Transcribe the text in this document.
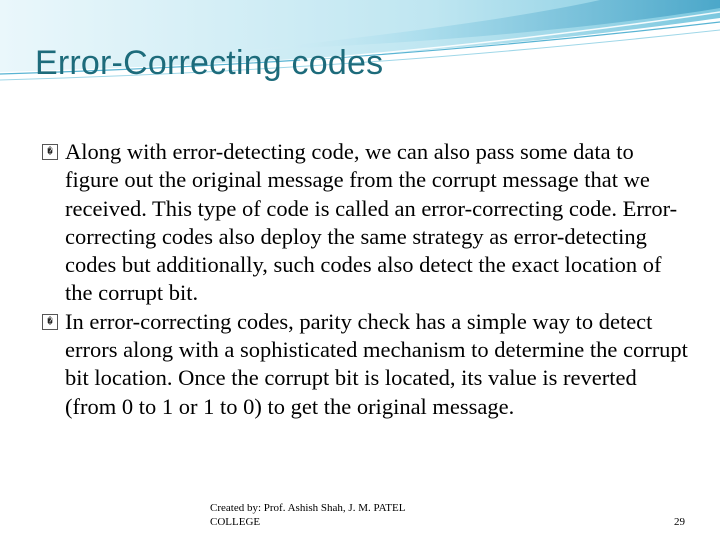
Error-Correcting codes
� Along with error-detecting code, we can also pass some data to figure out the original message from the corrupt message that we received. This type of code is called an error-correcting code. Error-correcting codes also deploy the same strategy as error-detecting codes but additionally, such codes also detect the exact location of the corrupt bit.
� In error-correcting codes, parity check has a simple way to detect errors along with a sophisticated mechanism to determine the corrupt bit location. Once the corrupt bit is located, its value is reverted (from 0 to 1 or 1 to 0) to get the original message.
Created by: Prof. Ashish Shah, J. M. PATEL COLLEGE	29
